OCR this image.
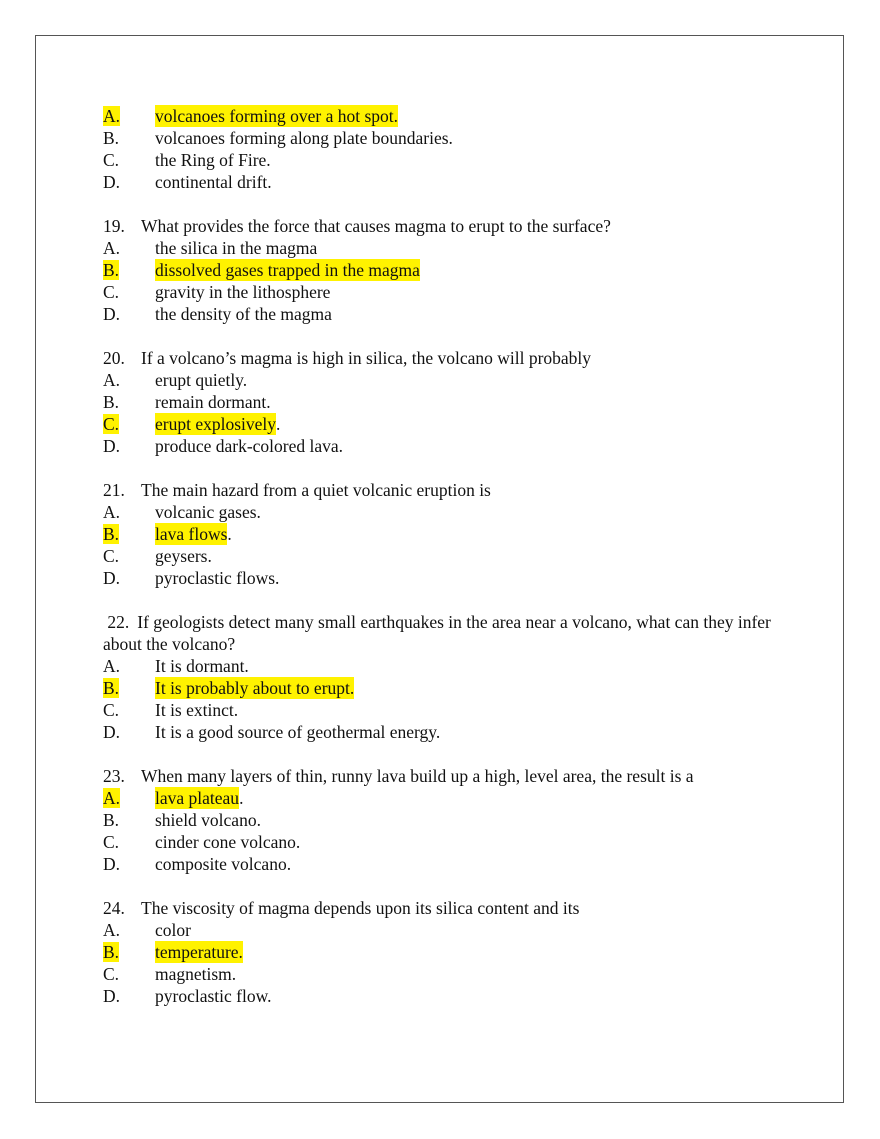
A.	volcanoes forming over a hot spot.
B.	volcanoes forming along plate boundaries.
C.	the Ring of Fire.
D.	continental drift.
19. What provides the force that causes magma to erupt to the surface?
A.	the silica in the magma
B.	dissolved gases trapped in the magma
C.	gravity in the lithosphere
D.	the density of the magma
20. If a volcano’s magma is high in silica, the volcano will probably
A.	erupt quietly.
B.	remain dormant.
C.	erupt explosively .
D.	produce dark-colored lava.
21. The main hazard from a quiet volcanic eruption is
A.	volcanic gases.
B.	lava flows .
C.	geysers.
D.	pyroclastic flows.
22. If geologists detect many small earthquakes in the area near a volcano, what can they infer about the volcano?
A.	It is dormant.
B.	It is probably about to erupt.
C.	It is extinct.
D.	It is a good source of geothermal energy.
23. When many layers of thin, runny lava build up a high, level area, the result is a
A.	lava plateau .
B.	shield volcano.
C.	cinder cone volcano.
D.	composite volcano.
24. The viscosity of magma depends upon its silica content and its
A.	color
B.	temperature.
C.	magnetism.
D.	pyroclastic flow.
